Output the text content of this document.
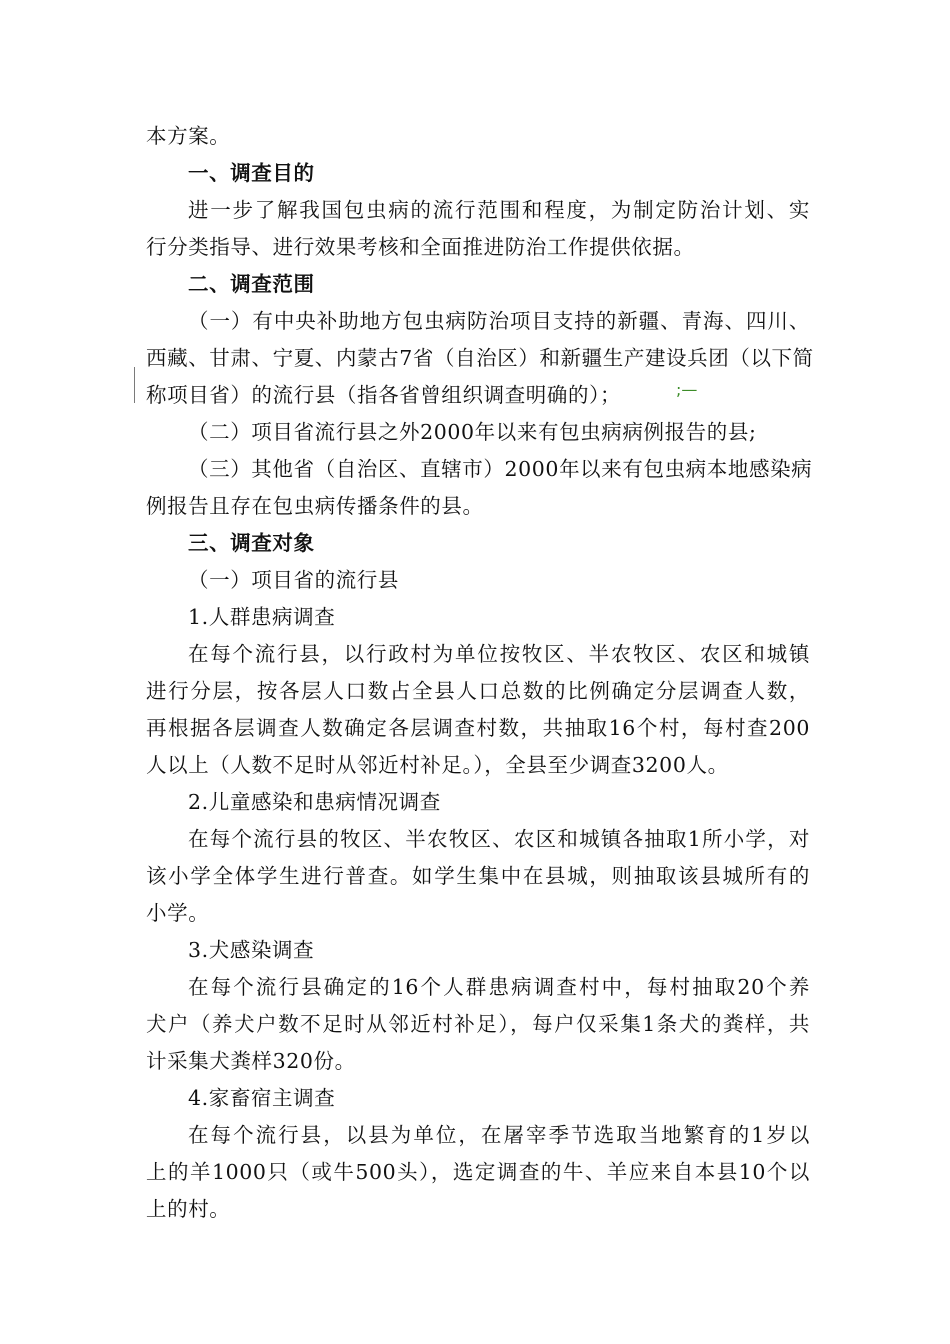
本方案。
一、调查目的
进一步了解我国包虫病的流行范围和程度，为制定防治计划、实
行分类指导、进行效果考核和全面推进防治工作提供依据。
二、调查范围
（一）有中央补助地方包虫病防治项目支持的新疆、青海、四川、
西藏、甘肃、宁夏、内蒙古7省（自治区）和新疆生产建设兵团（以下简
称项目省）的流行县（指各省曾组织调查明确的）；	;—
（二）项目省流行县之外2000年以来有包虫病病例报告的县;
（三）其他省（自治区、直辖市）2000年以来有包虫病本地感染病
例报告且存在包虫病传播条件的县。
三、调查对象
（一）项目省的流行县
1.人群患病调查
在每个流行县，以行政村为单位按牧区、半农牧区、农区和城镇
进行分层，按各层人口数占全县人口总数的比例确定分层调查人数，
再根据各层调查人数确定各层调查村数，共抽取16个村，每村查200
人以上（人数不足时从邻近村补足。），全县至少调查3200人。
2.儿童感染和患病情况调查
在每个流行县的牧区、半农牧区、农区和城镇各抽取1所小学，对
该小学全体学生进行普查。如学生集中在县城，则抽取该县城所有的
小学。
3.犬感染调查
在每个流行县确定的16个人群患病调查村中，每村抽取20个养
犬户（养犬户数不足时从邻近村补足），每户仅采集1条犬的粪样，共
计采集犬粪样320份。
4.家畜宿主调查
在每个流行县，以县为单位，在屠宰季节选取当地繁育的1岁以
上的羊1000只（或牛500头），选定调查的牛、羊应来自本县10个以
上的村。
